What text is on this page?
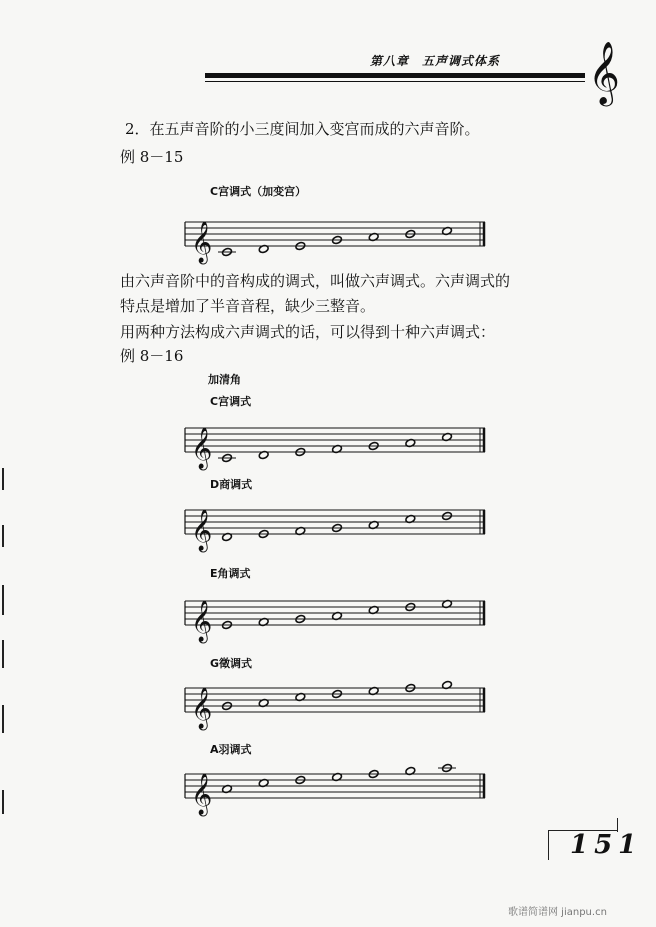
第八章　五声调式体系 𝄞
2．在五声音阶的小三度间加入变宫而成的六声音阶。
例 8－15
C宫调式（加变宫）
由六声音阶中的音构成的调式，叫做六声调式。六声调式的
特点是增加了半音音程，缺少三整音。
用两种方法构成六声调式的话，可以得到十种六声调式：
例 8－16
加清角
C宫调式
D商调式
E角调式
G徵调式
A羽调式
𝄞
𝄞
𝄞
𝄞
𝄞
𝄞
151
歌谱简谱网 jianpu.cn
